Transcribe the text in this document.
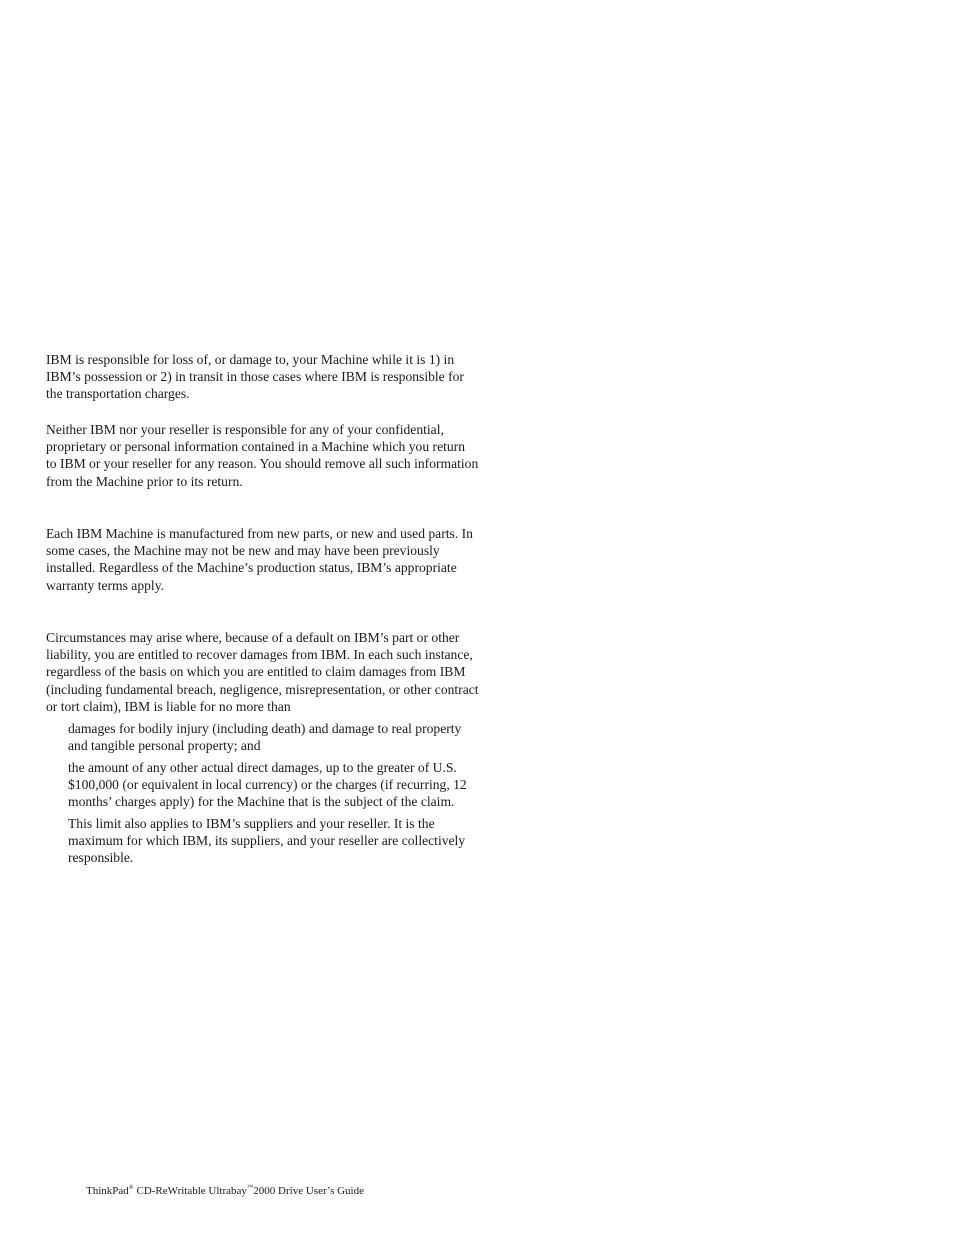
IBM is responsible for loss of, or damage to, your Machine while it is 1) in
IBM’s possession or 2) in transit in those cases where IBM is responsible for
the transportation charges.
Neither IBM nor your reseller is responsible for any of your confidential,
proprietary or personal information contained in a Machine which you return
to IBM or your reseller for any reason. You should remove all such information
from the Machine prior to its return.
Each IBM Machine is manufactured from new parts, or new and used parts. In
some cases, the Machine may not be new and may have been previously
installed. Regardless of the Machine’s production status, IBM’s appropriate
warranty terms apply.
Circumstances may arise where, because of a default on IBM’s part or other
liability, you are entitled to recover damages from IBM. In each such instance,
regardless of the basis on which you are entitled to claim damages from IBM
(including fundamental breach, negligence, misrepresentation, or other contract
or tort claim), IBM is liable for no more than
damages for bodily injury (including death) and damage to real property
and tangible personal property; and
the amount of any other actual direct damages, up to the greater of U.S.
$100,000 (or equivalent in local currency) or the charges (if recurring, 12
months’ charges apply) for the Machine that is the subject of the claim.
This limit also applies to IBM’s suppliers and your reseller. It is the
maximum for which IBM, its suppliers, and your reseller are collectively
responsible.
ThinkPad® CD-ReWritable Ultrabay™2000 Drive User’s Guide
